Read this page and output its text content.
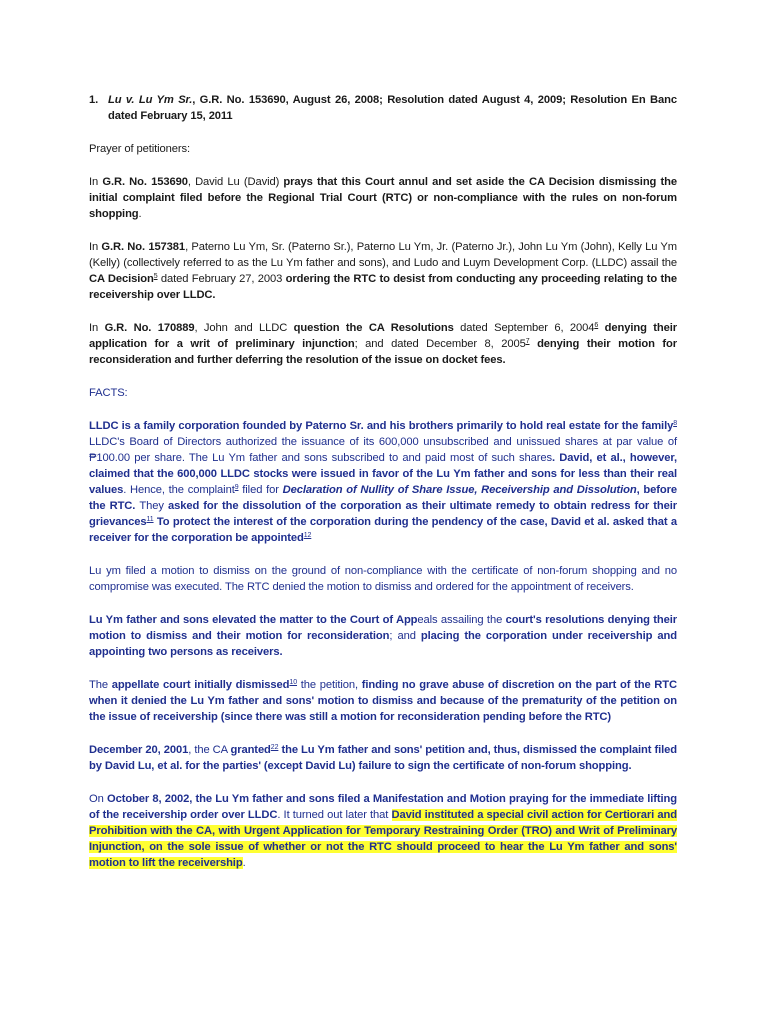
1. Lu v. Lu Ym Sr., G.R. No. 153690, August 26, 2008; Resolution dated August 4, 2009; Resolution En Banc dated February 15, 2011

Prayer of petitioners:

In G.R. No. 153690, David Lu (David) prays that this Court annul and set aside the CA Decision dismissing the initial complaint filed before the Regional Trial Court (RTC) or non-compliance with the rules on non-forum shopping.

In G.R. No. 157381, Paterno Lu Ym, Sr. (Paterno Sr.), Paterno Lu Ym, Jr. (Paterno Jr.), John Lu Ym (John), Kelly Lu Ym (Kelly) (collectively referred to as the Lu Ym father and sons), and Ludo and Luym Development Corp. (LLDC) assail the CA Decision$^5$ dated February 27, 2003 ordering the RTC to desist from conducting any proceeding relating to the receivership over LLDC.

In G.R. No. 170889, John and LLDC question the CA Resolutions dated September 6, 2004$^6$ denying their application for a writ of preliminary injunction; and dated December 8, 2005$^7$ denying their motion for reconsideration and further deferring the resolution of the issue on docket fees.

FACTS:

LLDC is a family corporation founded by Paterno Sr. and his brothers primarily to hold real estate for the family$^8$ LLDC's Board of Directors authorized the issuance of its 600,000 unsubscribed and unissued shares at par value of ₱100.00 per share. The Lu Ym father and sons subscribed to and paid most of such shares. David, et al., however, claimed that the 600,000 LLDC stocks were issued in favor of the Lu Ym father and sons for less than their real values. Hence, the complaint$^9$ filed for Declaration of Nullity of Share Issue, Receivership and Dissolution, before the RTC. They asked for the dissolution of the corporation as their ultimate remedy to obtain redress for their grievances$^{11}$ To protect the interest of the corporation during the pendency of the case, David et al. asked that a receiver for the corporation be appointed$^{12}$

Lu ym filed a motion to dismiss on the ground of non-compliance with the certificate of non-forum shopping and no compromise was executed. The RTC denied the motion to dismiss and ordered for the appointment of receivers.

Lu Ym father and sons elevated the matter to the Court of Appeals assailing the court's resolutions denying their motion to dismiss and their motion for reconsideration; and placing the corporation under receivership and appointing two persons as receivers.

The appellate court initially dismissed$^{10}$ the petition, finding no grave abuse of discretion on the part of the RTC when it denied the Lu Ym father and sons' motion to dismiss and because of the prematurity of the petition on the issue of receivership (since there was still a motion for reconsideration pending before the RTC)

December 20, 2001, the CA granted$^{22}$ the Lu Ym father and sons' petition and, thus, dismissed the complaint filed by David Lu, et al. for the parties' (except David Lu) failure to sign the certificate of non-forum shopping.

On October 8, 2002, the Lu Ym father and sons filed a Manifestation and Motion praying for the immediate lifting of the receivership order over LLDC. It turned out later that David instituted a special civil action for Certiorari and Prohibition with the CA, with Urgent Application for Temporary Restraining Order (TRO) and Writ of Preliminary Injunction, on the sole issue of whether or not the RTC should proceed to hear the Lu Ym father and sons' motion to lift the receivership.
